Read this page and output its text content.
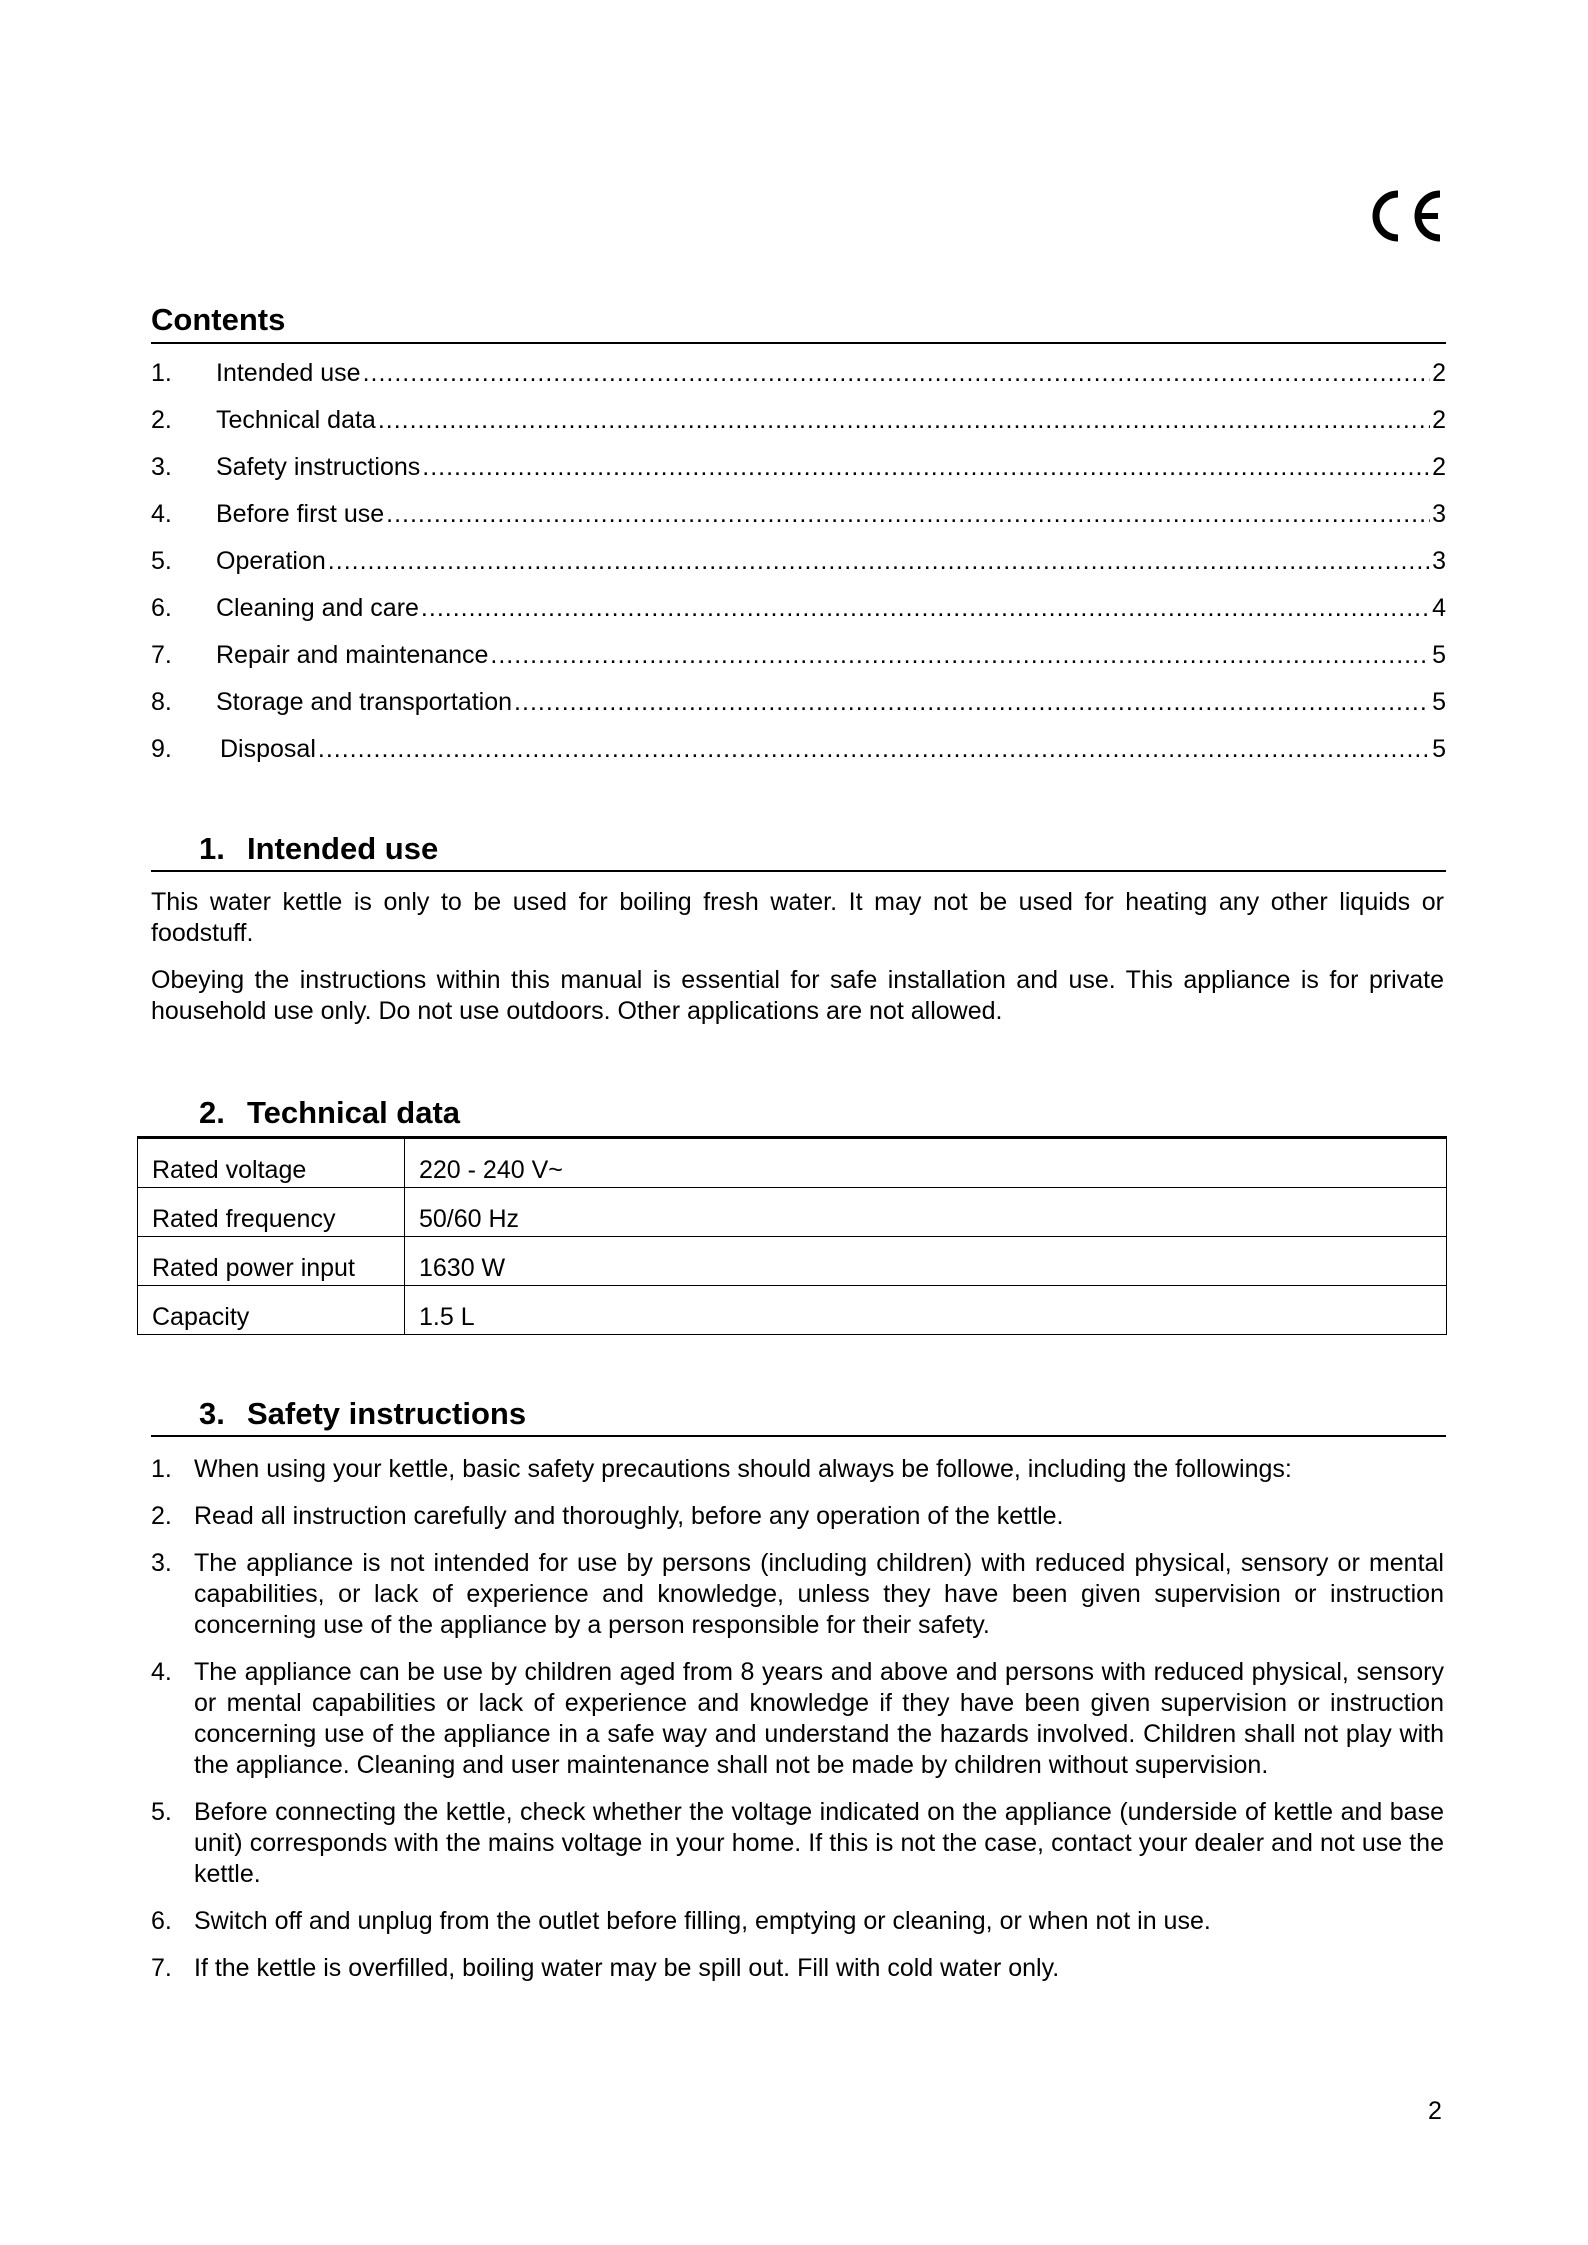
Contents
1.	Intended use .....	2
2.	Technical data .....	2
3.	Safety instructions .....	2
4.	Before first use .....	3
5.	Operation .....	3
6.	Cleaning and care .....	4
7.	Repair and maintenance .....	5
8.	Storage and transportation .....	5
9.	Disposal .....	5
1. Intended use

This water kettle is only to be used for boiling fresh water. It may not be used for heating any other liquids or foodstuff.

Obeying the instructions within this manual is essential for safe installation and use. This appliance is for private household use only. Do not use outdoors. Other applications are not allowed.

2. Technical data
Rated voltage	220 - 240 V~
Rated frequency	50/60 Hz
Rated power input	1630 W
Capacity	1.5 L
3. Safety instructions
1. When using your kettle, basic safety precautions should always be followe, including the followings:
2. Read all instruction carefully and thoroughly, before any operation of the kettle.
3. The appliance is not intended for use by persons (including children) with reduced physical, sensory or mental capabilities, or lack of experience and knowledge, unless they have been given supervision or instruction concerning use of the appliance by a person responsible for their safety.
4. The appliance can be use by children aged from 8 years and above and persons with reduced physical, sensory or mental capabilities or lack of experience and knowledge if they have been given supervision or instruction concerning use of the appliance in a safe way and understand the hazards involved. Children shall not play with the appliance. Cleaning and user maintenance shall not be made by children without supervision.
5. Before connecting the kettle, check whether the voltage indicated on the appliance (underside of kettle and base unit) corresponds with the mains voltage in your home. If this is not the case, contact your dealer and not use the kettle.
6. Switch off and unplug from the outlet before filling, emptying or cleaning, or when not in use.
7. If the kettle is overfilled, boiling water may be spill out. Fill with cold water only.
2
